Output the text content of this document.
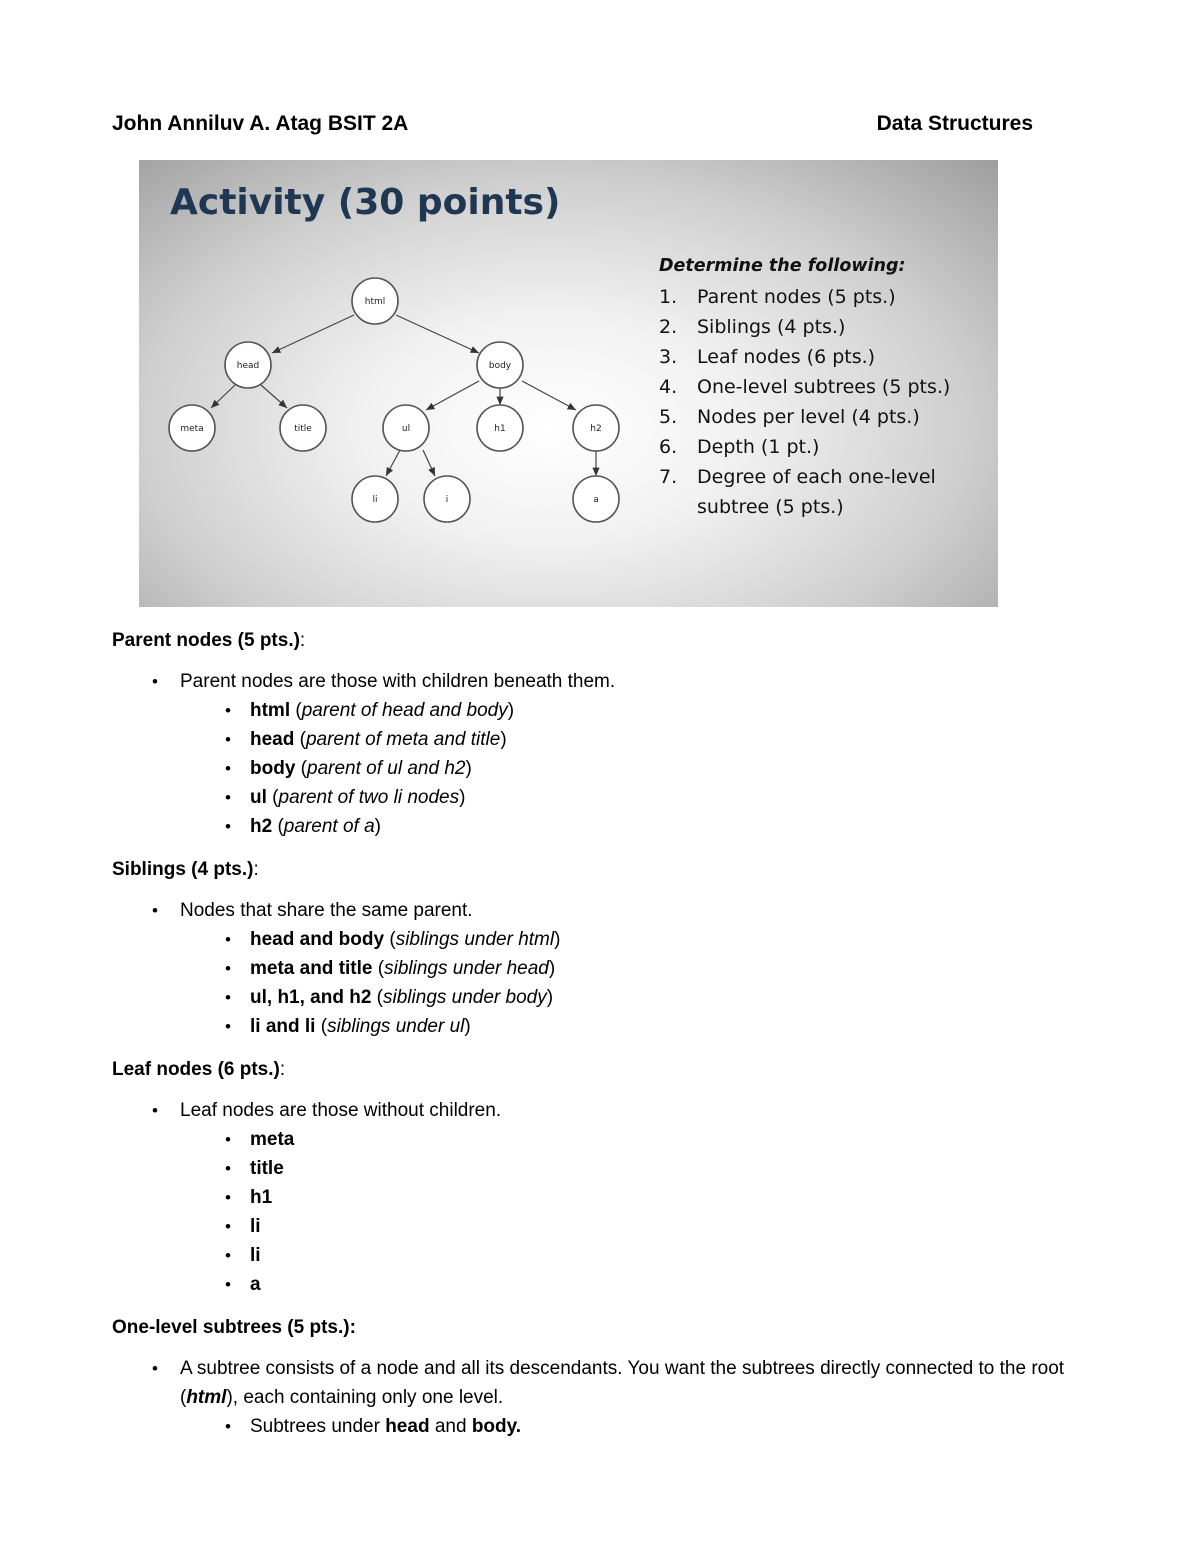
John Anniluv A. Atag BSIT 2A	Data Structures
Activity (30 points)
html
head	body
meta	title	ul	h1	h2
li	i	a
Determine the following:
1.	Parent nodes (5 pts.)
2.	Siblings (4 pts.)
3.	Leaf nodes (6 pts.)
4.	One-level subtrees (5 pts.)
5.	Nodes per level (4 pts.)
6.	Depth (1 pt.)
7.	Degree of each one-level subtree (5 pts.)

Parent nodes (5 pts.):

• Parent nodes are those with children beneath them.
• html (parent of head and body)
• head (parent of meta and title)
• body (parent of ul and h2)
• ul (parent of two li nodes)
• h2 (parent of a)

Siblings (4 pts.):

• Nodes that share the same parent.
• head and body (siblings under html)
• meta and title (siblings under head)
• ul, h1, and h2 (siblings under body)
• li and li (siblings under ul)

Leaf nodes (6 pts.):

• Leaf nodes are those without children.
• meta
• title
• h1
• li
• li
• a

One-level subtrees (5 pts.):

• A subtree consists of a node and all its descendants. You want the subtrees directly connected to the root (html), each containing only one level.
• Subtrees under head and body.
